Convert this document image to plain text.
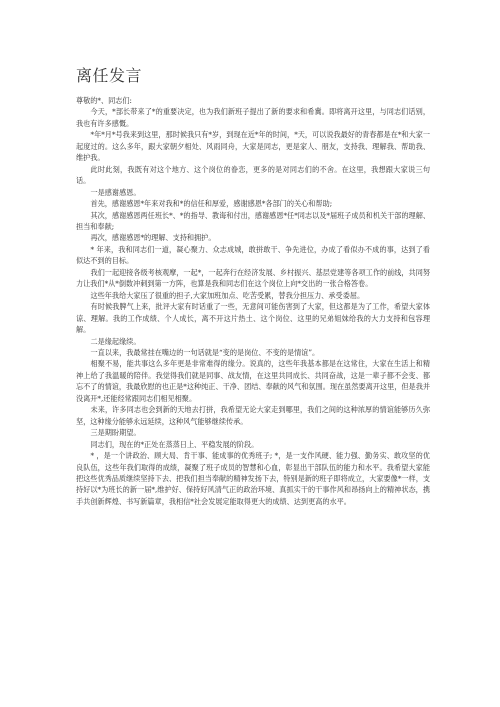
离任发言

尊敬的*、同志们:

今天，*部长带来了*的重要决定，也为我们新班子提出了新的要求和希冀。即将离开这里，与同志们话别，我也有许多感慨。

*年*月*号我来到这里，那时候我只有*岁，到现在近*年的时间，*天，可以说我最好的青春都是在*和大家一起度过的。这么多年，跟大家朝夕相处、风雨同舟，大家是同志，更是家人、朋友，支持我、理解我、帮助我、维护我。

此时此刻，我既有对这个地方、这个岗位的眷恋，更多的是对同志们的不舍。在这里，我想跟大家说三句话。

一是感谢感恩。

首先，感谢感恩*年来对我和*的信任和厚爱，感谢感恩*各部门的关心和帮助;

其次，感谢感恩两任班长*、*的指导、教诲和付出，感谢感恩*任*同志以及*届班子成员和机关干部的理解、担当和奉献;

再次，感谢感恩*的理解、支持和拥护。

* 年来，我和同志们一道，凝心聚力、众志成城，敢拼敢干、争先进位，办成了看似办不成的事，达到了看似达不到的目标。

我们一起迎接各级考核观摩，一起*，一起奔行在经济发展、乡村振兴、基层党建等各项工作的前线，共同努力让我们*从*倒数冲刺到第一方阵，也算是我和同志们在这个岗位上向*交出的一张合格答卷。

这些年我给大家压了很重的担子,大家加班加点、吃苦受累，替我分担压力、承受委屈。

有时候我脾气上来，批评大家有时话重了一些，无意间可能伤害到了大家，但这都是为了工作，希望大家体谅、理解。我的工作成绩、个人成长，离不开这片热土、这个岗位、这里的兄弟姐妹给我的大力支持和包容理解。

二是缘起缘续。

一直以来，我最常挂在嘴边的一句话就是“变的是岗位、不变的是情谊”。

相聚不易，能共事这么多年更是非常难得的缘分。说真的，这些年我基本都是在这常住，大家在生活上和精神上给了我温暖的陪伴。我觉得我们就是同事、战友情，在这里共同成长、共同奋战，这是一辈子都不会变、都忘不了的情谊，我最欣慰的也正是*这种纯正、干净、团结、奉献的风气和氛围。现在虽然要离开这里，但是我并没离开*,还能经常跟同志们相见相聚。

未来，许多同志也会到新的天地去打拼，我希望无论大家走到哪里，我们之间的这种浓厚的情谊能够历久弥坚，这种缘分能够永远延续，这种风气能够继续传承。

三是期盼期望。

同志们，现在的*正处在蒸蒸日上、平稳发展的阶段。

* ，是一个讲政治、顾大局、肯干事、能成事的优秀班子; *，是一支作风硬、能力强、勤务实、敢攻坚的优良队伍，这些年我们取得的成绩，凝聚了班子成员的智慧和心血，彰显出干部队伍的能力和水平。我希望大家能把这些优秀品质继续坚持下去、把我们担当奉献的精神发扬下去，特别是新的班子即将成立，大家要像*一样，支持好以*为班长的新一届*,维护好、保持好风清气正的政治环境、真抓实干的干事作风和昂扬向上的精神状态，携手共创新辉煌、书写新篇章，我相信*社会发展定能取得更大的成绩、达到更高的水平。
